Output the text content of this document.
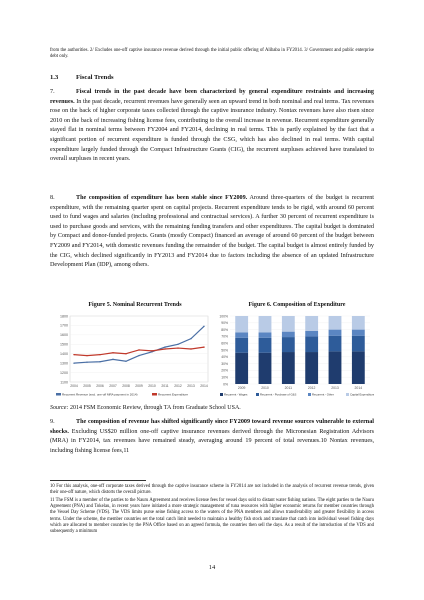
from the authorities. 2/ Excludes one-off captive insurance revenue derived through the initial public offering of Alibaba in FY2014. 3/ Government and public enterprise debt only.

1.3	Fiscal Trends

7.	Fiscal trends in the past decade have been characterized by general expenditure restraints and increasing revenues. In the past decade, recurrent revenues have generally seen an upward trend in both nominal and real terms. Tax revenues rose on the back of higher corporate taxes collected through the captive insurance industry. Nontax revenues have also risen since 2010 on the back of increasing fishing license fees, contributing to the overall increase in revenue. Recurrent expenditure generally stayed flat in nominal terms between FY2004 and FY2014, declining in real terms. This is partly explained by the fact that a significant portion of recurrent expenditure is funded through the CSG, which has also declined in real terms. With capital expenditure largely funded through the Compact Infrastructure Grants (CIG), the recurrent surpluses achieved have translated to overall surpluses in recent years.

8.	The composition of expenditure has been stable since FY2009. Around three-quarters of the budget is recurrent expenditure, with the remaining quarter spent on capital projects. Recurrent expenditure tends to be rigid, with around 60 percent used to fund wages and salaries (including professional and contractual services). A further 30 percent of recurrent expenditure is used to purchase goods and services, with the remaining funding transfers and other expenditures. The capital budget is dominated by Compact and donor-funded projects. Grants (mostly Compact) financed an average of around 60 percent of the budget between FY2009 and FY2014, with domestic revenues funding the remainder of the budget. The capital budget is almost entirely funded by the CIG, which declined significantly in FY2013 and FY2014 due to factors including the absence of an updated Infrastructure Development Plan (IDP), among others.

Figure 5. Nominal Recurrent Trends	Figure 6. Composition of Expenditure
1800
1700
1600
1500
1400
1300
1200
1100
2004 2005 2006 2007 2008 2009 2010 2011 2012 2013 2014
Recurrent Revenue (excl. one-off MRA payment in 2014)	Recurrent Expenditure
100%
90%
80%
70%
60%
50%
40%
30%
20%
10%
0%
2009	2010	2011	2012	2013	2014
Recurrent - Wages	Recurrent - Purchase of G&S	Recurrent - Other	Capital Expenditure
Source: 2014 FSM Economic Review, through TA from Graduate School USA.

9.	The composition of revenue has shifted significantly since FY2009 toward revenue sources vulnerable to external shocks. Excluding US$20 million one-off captive insurance revenues derived through the Micronesian Registration Advisors (MRA) in FY2014, tax revenues have remained steady, averaging around 19 percent of total revenues.10 Nontax revenues, including fishing license fees,11

10 For this analysis, one-off corporate taxes derived through the captive insurance scheme in FY2014 are not included in the analysis of recurrent revenue trends, given their one-off nature, which distorts the overall picture.

11 The FSM is a member of the parties to the Nauru Agreement and receives license fees for vessel days sold to distant water fishing nations. The eight parties to the Nauru Agreement (PNA) and Tokelau, in recent years have initiated a more strategic management of tuna resources with higher economic returns for member countries through the Vessel Day Scheme (VDS). The VDS limits purse seine fishing access to the waters of the PNA members and allows transferability and greater flexibility in access terms. Under the scheme, the member countries set the total catch limit needed to maintain a healthy fish stock and translate that catch into individual vessel fishing days which are allocated to member countries by the PNA Office based on an agreed formula, the countries then sell the days. As a result of the introduction of the VDS and subsequently a minimum

14
